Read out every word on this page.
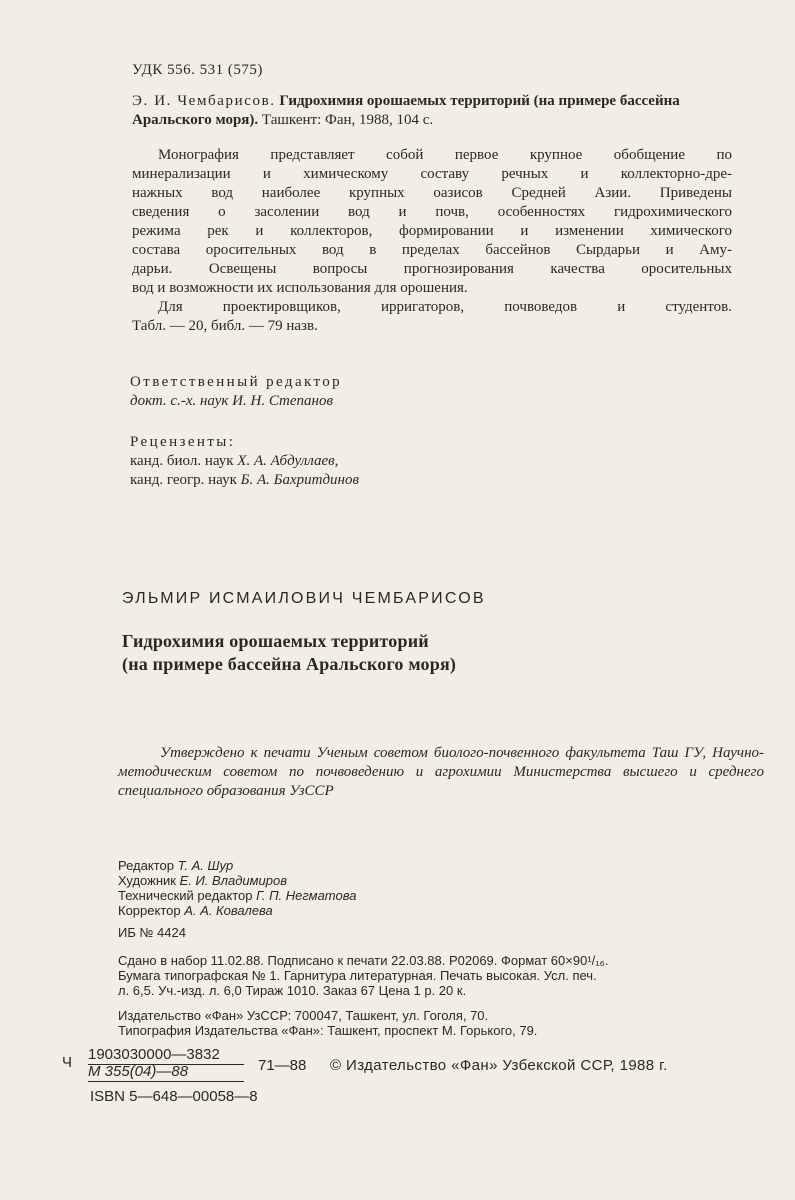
УДК 556. 531 (575)

Э. И. Чембарисов. Гидрохимия орошаемых территорий (на примере бассейна Аральского моря). Ташкент: Фан, 1988, 104 с.

Монография представляет собой первое крупное обобщение по

минерализации и химическому составу речных и коллекторно-дре-

нажных вод наиболее крупных оазисов Средней Азии. Приведены

сведения о засолении вод и почв, особенностях гидрохимического

режима рек и коллекторов, формировании и изменении химического

состава оросительных вод в пределах бассейнов Сырдарьи и Аму-

дарьи. Освещены вопросы прогнозирования качества оросительных

вод и возможности их использования для орошения.

Для проектировщиков, ирригаторов, почвоведов и студентов.

Табл. — 20, библ. — 79 назв.

Ответственный редактор
докт. с.-х. наук И. Н. Степанов
Рецензенты:
канд. биол. наук Х. А. Абдуллаев,
канд. геогр. наук Б. А. Бахритдинов

ЭЛЬМИР ИСМАИЛОВИЧ ЧЕМБАРИСОВ

Гидрохимия орошаемых территорий
(на примере бассейна Аральского моря)

Утверждено к печати Ученым советом биолого-почвенного факультета Таш ГУ, Научно-методическим советом по почвоведению и агрохимии Министерства высшего и среднего специального образования УзССР

Редактор Т. А. Шур
Художник Е. И. Владимиров
Технический редактор Г. П. Негматова
Корректор А. А. Ковалева

ИБ № 4424

Сдано в набор 11.02.88. Подписано к печати 22.03.88. Р02069. Формат 60×90¹/₁₆.
Бумага типографская № 1. Гарнитура литературная. Печать высокая. Усл. печ.
л. 6,5. Уч.-изд. л. 6,0 Тираж 1010. Заказ 67 Цена 1 р. 20 к.
Издательство «Фан» УзССР: 700047, Ташкент, ул. Гоголя, 70.
Типография Издательства «Фан»: Ташкент, проспект М. Горького, 79.

Ч 1903030000—3832

М 355(04)—88	71—88 © Издательство «Фан» Узбекской ССР, 1988 г.

ISBN 5—648—00058—8
